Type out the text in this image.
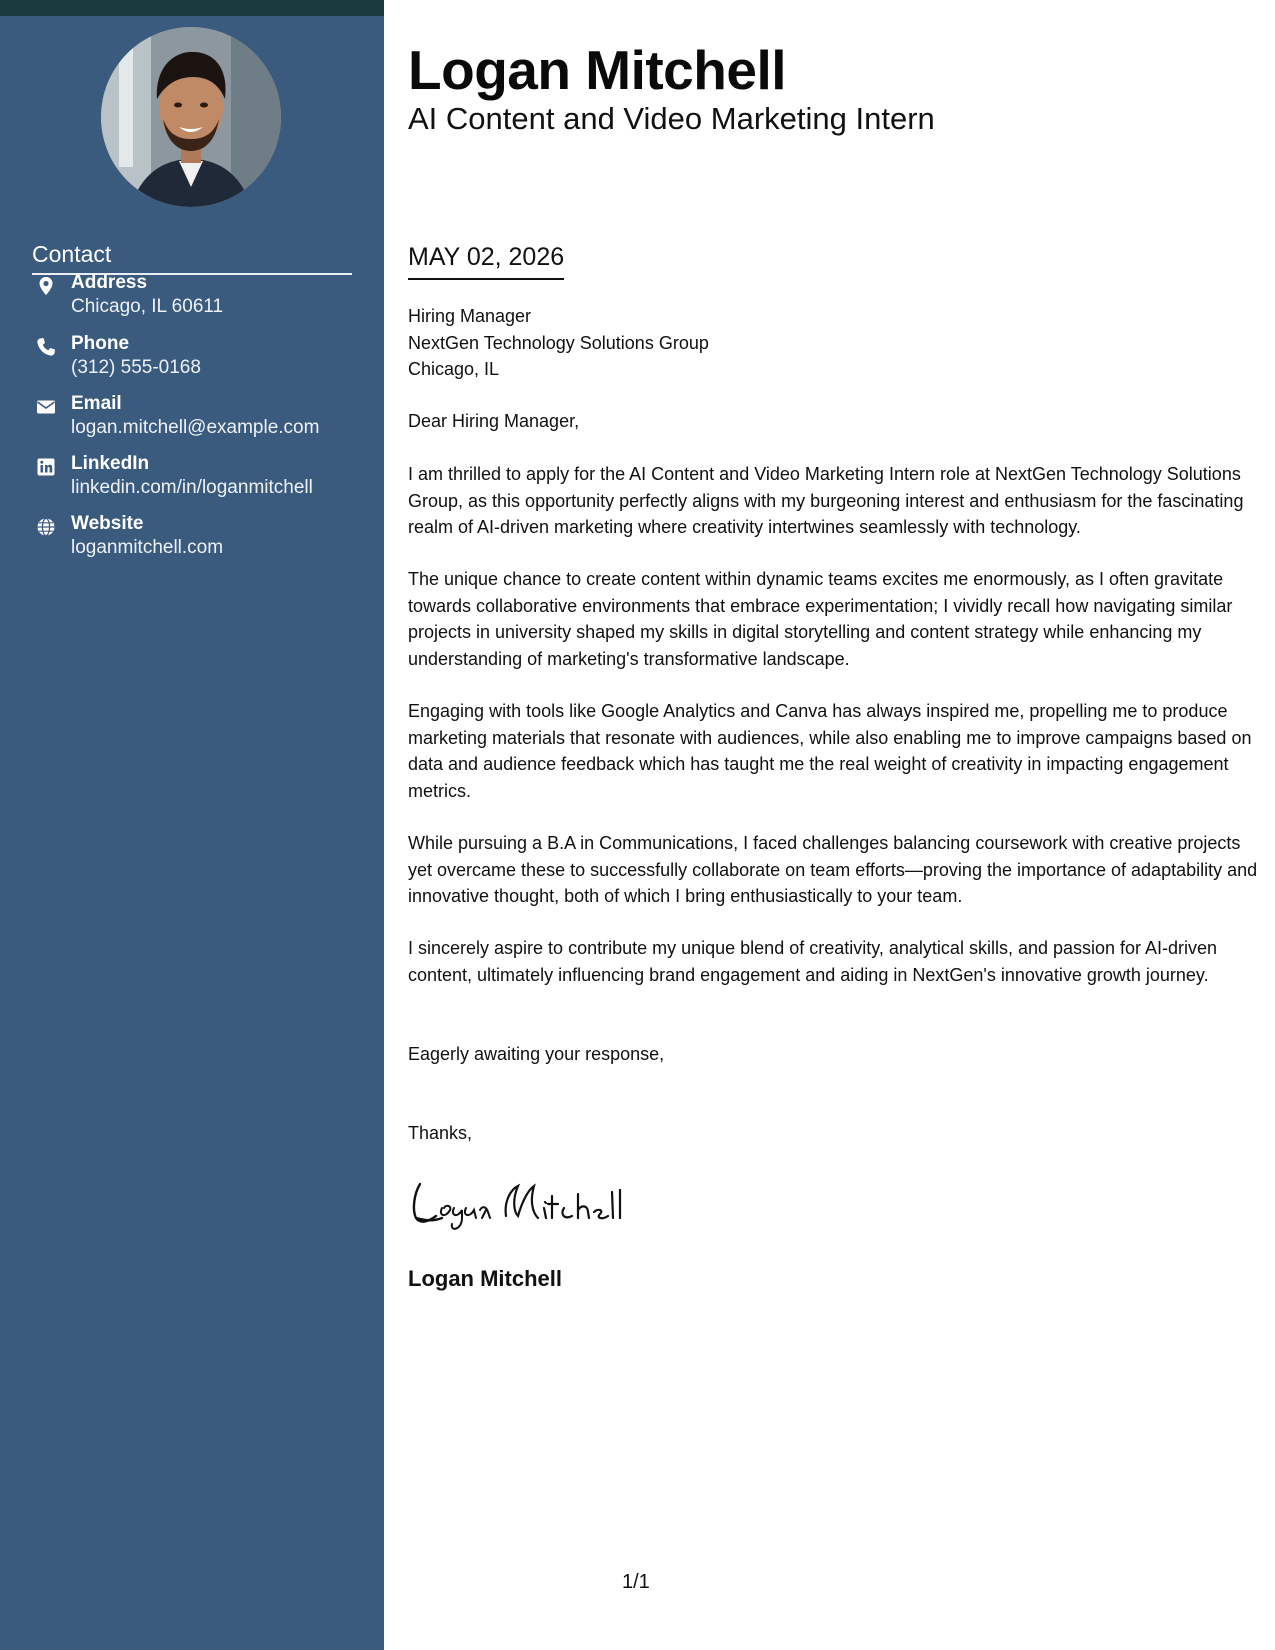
Contact
Address
Chicago, IL 60611
Phone
(312) 555-0168
Email
logan.mitchell@example.com
LinkedIn
linkedin.com/in/loganmitchell
Website
loganmitchell.com
Logan Mitchell
AI Content and Video Marketing Intern
MAY 02, 2026
Hiring Manager
NextGen Technology Solutions Group
Chicago, IL
Dear Hiring Manager,
I am thrilled to apply for the AI Content and Video Marketing Intern role at NextGen Technology Solutions Group, as this opportunity perfectly aligns with my burgeoning interest and enthusiasm for the fascinating realm of AI-driven marketing where creativity intertwines seamlessly with technology.
The unique chance to create content within dynamic teams excites me enormously, as I often gravitate towards collaborative environments that embrace experimentation; I vividly recall how navigating similar projects in university shaped my skills in digital storytelling and content strategy while enhancing my understanding of marketing's transformative landscape.
Engaging with tools like Google Analytics and Canva has always inspired me, propelling me to produce marketing materials that resonate with audiences, while also enabling me to improve campaigns based on data and audience feedback which has taught me the real weight of creativity in impacting engagement metrics.
While pursuing a B.A in Communications, I faced challenges balancing coursework with creative projects yet overcame these to successfully collaborate on team efforts—proving the importance of adaptability and innovative thought, both of which I bring enthusiastically to your team.
I sincerely aspire to contribute my unique blend of creativity, analytical skills, and passion for AI-driven content, ultimately influencing brand engagement and aiding in NextGen's innovative growth journey.
Eagerly awaiting your response,
Thanks,
Logan Mitchell
1/1
